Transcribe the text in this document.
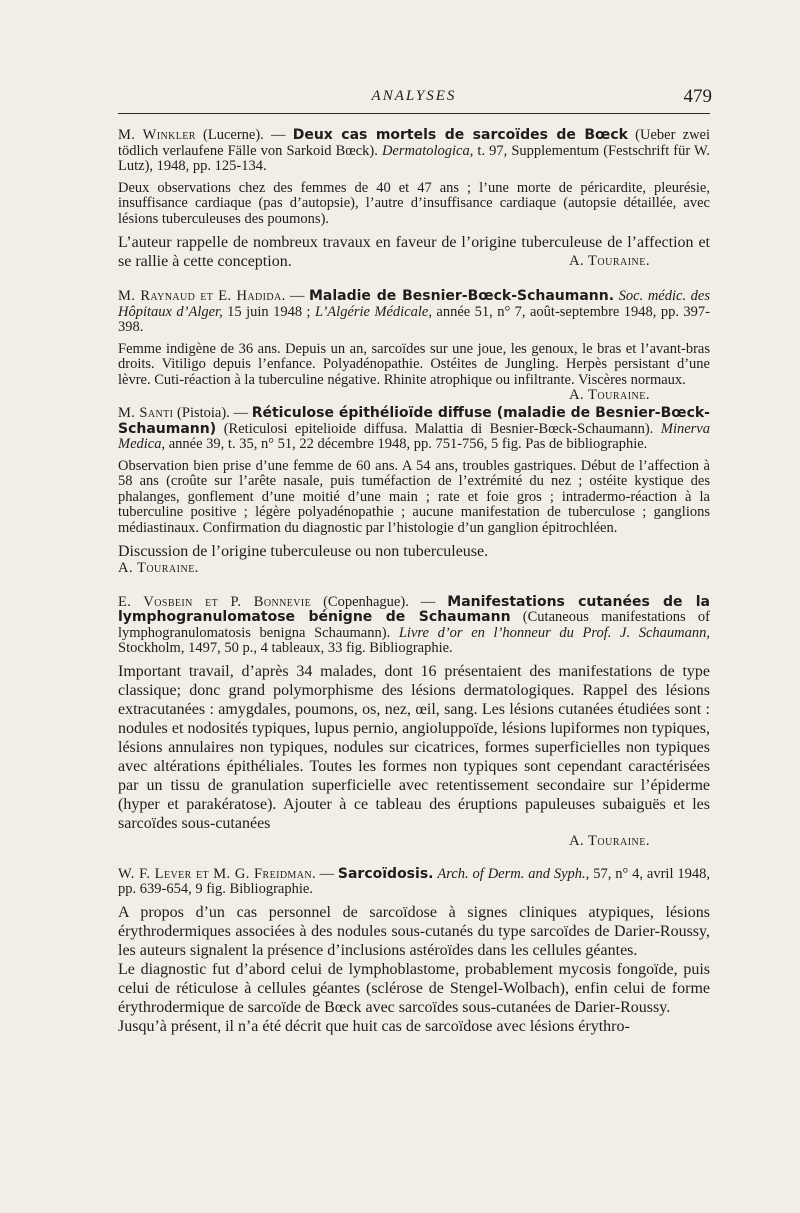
ANALYSES	479

M. Winkler (Lucerne). — Deux cas mortels de sarcoïdes de Bœck (Ueber zwei tödlich verlaufene Fälle von Sarkoid Bœck). Dermatologica, t. 97, Supplementum (Festschrift für W. Lutz), 1948, pp. 125-134.

Deux observations chez des femmes de 40 et 47 ans ; l’une morte de péricardite, pleurésie, insuffisance cardiaque (pas d’autopsie), l’autre d’insuffisance cardiaque (autopsie détaillée, avec lésions tuberculeuses des poumons).

L’auteur rappelle de nombreux travaux en faveur de l’origine tuberculeuse de l’affection et se rallie à cette conception.	A. Touraine.

M. Raynaud et E. Hadida. — Maladie de Besnier-Bœck-Schaumann. Soc. médic. des Hôpitaux d’Alger, 15 juin 1948 ; L’Algérie Médicale, année 51, n° 7, août-septembre 1948, pp. 397-398.

Femme indigène de 36 ans. Depuis un an, sarcoïdes sur une joue, les genoux, le bras et l’avant-bras droits. Vitiligo depuis l’enfance. Polyadénopathie. Ostéites de Jungling. Herpès persistant d’une lèvre. Cuti-réaction à la tuberculine négative. Rhinite atrophique ou infiltrante. Viscères normaux.
A. Touraine.

M. Santi (Pistoia). — Réticulose épithélioïde diffuse (maladie de Besnier-Bœck-Schaumann) (Reticulosi epitelioide diffusa. Malattia di Besnier-Bœck-Schaumann). Minerva Medica, année 39, t. 35, n° 51, 22 décembre 1948, pp. 751-756, 5 fig. Pas de bibliographie.

Observation bien prise d’une femme de 60 ans. A 54 ans, troubles gastriques. Début de l’affection à 58 ans (croûte sur l’arête nasale, puis tuméfaction de l’extrémité du nez ; ostéite kystique des phalanges, gonflement d’une moitié d’une main ; rate et foie gros ; intradermo-réaction à la tuberculine positive ; légère polyadénopathie ; aucune manifestation de tuberculose ; ganglions médiastinaux. Confirmation du diagnostic par l’histologie d’un ganglion épitrochléen.

Discussion de l’origine tuberculeuse ou non tuberculeuse.

A. Touraine.

E. Vosbein et P. Bonnevie (Copenhague). — Manifestations cutanées de la lymphogranulomatose bénigne de Schaumann (Cutaneous manifestations of lymphogranulomatosis benigna Schaumann). Livre d’or en l’honneur du Prof. J. Schaumann, Stockholm, 1497, 50 p., 4 tableaux, 33 fig. Bibliographie.

Important travail, d’après 34 malades, dont 16 présentaient des manifestations de type classique; donc grand polymorphisme des lésions dermatologiques. Rappel des lésions extracutanées : amygdales, poumons, os, nez, œil, sang. Les lésions cutanées étudiées sont : nodules et nodosités typiques, lupus pernio, angioluppoïde, lésions lupiformes non typiques, lésions annulaires non typiques, nodules sur cicatrices, formes superficielles non typiques avec altérations épithéliales. Toutes les formes non typiques sont cependant caractérisées par un tissu de granulation superficielle avec retentissement secondaire sur l’épiderme (hyper et parakératose). Ajouter à ce tableau des éruptions papuleuses subaiguës et les sarcoïdes sous-cutanées

A. Touraine.

W. F. Lever et M. G. Freidman. — Sarcoïdosis. Arch. of Derm. and Syph., 57, n° 4, avril 1948, pp. 639-654, 9 fig. Bibliographie.

A propos d’un cas personnel de sarcoïdose à signes cliniques atypiques, lésions érythrodermiques associées à des nodules sous-cutanés du type sarcoïdes de Darier-Roussy, les auteurs signalent la présence d’inclusions astéroïdes dans les cellules géantes.

Le diagnostic fut d’abord celui de lymphoblastome, probablement mycosis fongoïde, puis celui de réticulose à cellules géantes (sclérose de Stengel-Wolbach), enfin celui de forme érythrodermique de sarcoïde de Bœck avec sarcoïdes sous-cutanées de Darier-Roussy.

Jusqu’à présent, il n’a été décrit que huit cas de sarcoïdose avec lésions érythro-
